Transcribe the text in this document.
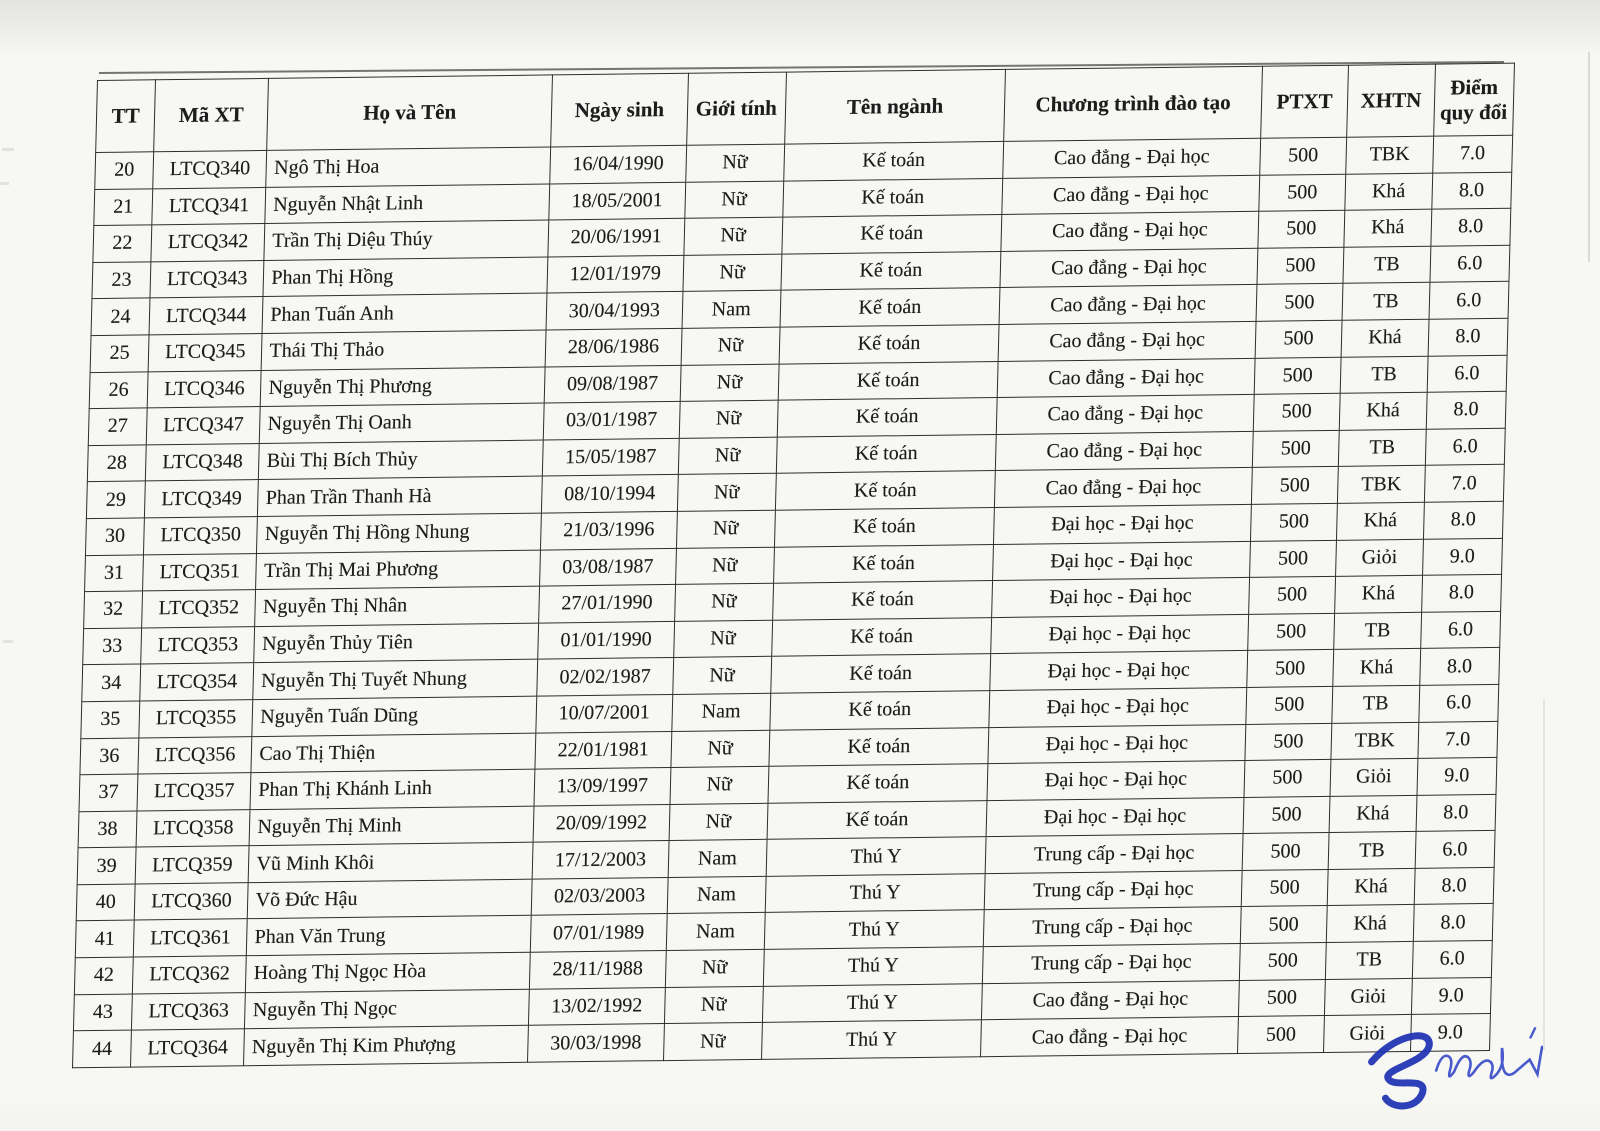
TT	Mã XT	Họ và Tên	Ngày sinh	Giới tính	Tên ngành	Chương trình đào tạo	PTXT	XHTN	Điểm quy đổi
20	LTCQ340	Ngô Thị Hoa	16/04/1990	Nữ	Kế toán	Cao đẳng - Đại học	500	TBK	7.0
21	LTCQ341	Nguyễn Nhật Linh	18/05/2001	Nữ	Kế toán	Cao đẳng - Đại học	500	Khá	8.0
22	LTCQ342	Trần Thị Diệu Thúy	20/06/1991	Nữ	Kế toán	Cao đẳng - Đại học	500	Khá	8.0
23	LTCQ343	Phan Thị Hồng	12/01/1979	Nữ	Kế toán	Cao đẳng - Đại học	500	TB	6.0
24	LTCQ344	Phan Tuấn Anh	30/04/1993	Nam	Kế toán	Cao đẳng - Đại học	500	TB	6.0
25	LTCQ345	Thái Thị Thảo	28/06/1986	Nữ	Kế toán	Cao đẳng - Đại học	500	Khá	8.0
26	LTCQ346	Nguyễn Thị Phương	09/08/1987	Nữ	Kế toán	Cao đẳng - Đại học	500	TB	6.0
27	LTCQ347	Nguyễn Thị Oanh	03/01/1987	Nữ	Kế toán	Cao đẳng - Đại học	500	Khá	8.0
28	LTCQ348	Bùi Thị Bích Thủy	15/05/1987	Nữ	Kế toán	Cao đẳng - Đại học	500	TB	6.0
29	LTCQ349	Phan Trần Thanh Hà	08/10/1994	Nữ	Kế toán	Cao đẳng - Đại học	500	TBK	7.0
30	LTCQ350	Nguyễn Thị Hồng Nhung	21/03/1996	Nữ	Kế toán	Đại học - Đại học	500	Khá	8.0
31	LTCQ351	Trần Thị Mai Phương	03/08/1987	Nữ	Kế toán	Đại học - Đại học	500	Giỏi	9.0
32	LTCQ352	Nguyễn Thị Nhân	27/01/1990	Nữ	Kế toán	Đại học - Đại học	500	Khá	8.0
33	LTCQ353	Nguyễn Thủy Tiên	01/01/1990	Nữ	Kế toán	Đại học - Đại học	500	TB	6.0
34	LTCQ354	Nguyễn Thị Tuyết Nhung	02/02/1987	Nữ	Kế toán	Đại học - Đại học	500	Khá	8.0
35	LTCQ355	Nguyễn Tuấn Dũng	10/07/2001	Nam	Kế toán	Đại học - Đại học	500	TB	6.0
36	LTCQ356	Cao Thị Thiện	22/01/1981	Nữ	Kế toán	Đại học - Đại học	500	TBK	7.0
37	LTCQ357	Phan Thị Khánh Linh	13/09/1997	Nữ	Kế toán	Đại học - Đại học	500	Giỏi	9.0
38	LTCQ358	Nguyễn Thị Minh	20/09/1992	Nữ	Kế toán	Đại học - Đại học	500	Khá	8.0
39	LTCQ359	Vũ Minh Khôi	17/12/2003	Nam	Thú Y	Trung cấp - Đại học	500	TB	6.0
40	LTCQ360	Võ Đức Hậu	02/03/2003	Nam	Thú Y	Trung cấp - Đại học	500	Khá	8.0
41	LTCQ361	Phan Văn Trung	07/01/1989	Nam	Thú Y	Trung cấp - Đại học	500	Khá	8.0
42	LTCQ362	Hoàng Thị Ngọc Hòa	28/11/1988	Nữ	Thú Y	Trung cấp - Đại học	500	TB	6.0
43	LTCQ363	Nguyễn Thị Ngọc	13/02/1992	Nữ	Thú Y	Cao đẳng - Đại học	500	Giỏi	9.0
44	LTCQ364	Nguyễn Thị Kim Phượng	30/03/1998	Nữ	Thú Y	Cao đẳng - Đại học	500	Giỏi	9.0
